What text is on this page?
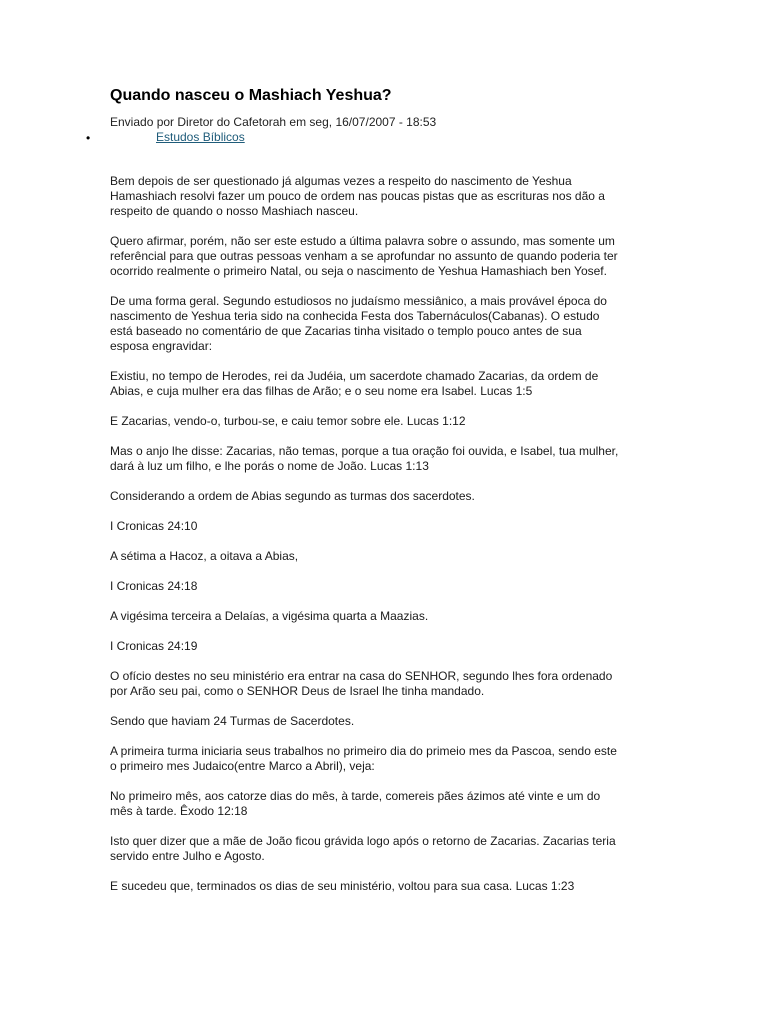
Quando nasceu o Mashiach Yeshua?
Enviado por Diretor do Cafetorah em seg, 16/07/2007 - 18:53
•	Estudos Bíblicos

Bem depois de ser questionado já algumas vezes a respeito do nascimento de Yeshua
Hamashiach resolvi fazer um pouco de ordem nas poucas pistas que as escrituras nos dão a
respeito de quando o nosso Mashiach nasceu.

Quero afirmar, porém, não ser este estudo a última palavra sobre o assundo, mas somente um
referêncial para que outras pessoas venham a se aprofundar no assunto de quando poderia ter
ocorrido realmente o primeiro Natal, ou seja o nascimento de Yeshua Hamashiach ben Yosef.

De uma forma geral. Segundo estudiosos no judaísmo messiânico, a mais provável época do
nascimento de Yeshua teria sido na conhecida Festa dos Tabernáculos(Cabanas). O estudo
está baseado no comentário de que Zacarias tinha visitado o templo pouco antes de sua
esposa engravidar:

Existiu, no tempo de Herodes, rei da Judéia, um sacerdote chamado Zacarias, da ordem de
Abias, e cuja mulher era das filhas de Arão; e o seu nome era Isabel. Lucas 1:5

E Zacarias, vendo-o, turbou-se, e caiu temor sobre ele. Lucas 1:12

Mas o anjo lhe disse: Zacarias, não temas, porque a tua oração foi ouvida, e Isabel, tua mulher,
dará à luz um filho, e lhe porás o nome de João. Lucas 1:13

Considerando a ordem de Abias segundo as turmas dos sacerdotes.

I Cronicas 24:10

A sétima a Hacoz, a oitava a Abias,

I Cronicas 24:18

A vigésima terceira a Delaías, a vigésima quarta a Maazias.

I Cronicas 24:19

O ofício destes no seu ministério era entrar na casa do SENHOR, segundo lhes fora ordenado
por Arão seu pai, como o SENHOR Deus de Israel lhe tinha mandado.

Sendo que haviam 24 Turmas de Sacerdotes.

A primeira turma iniciaria seus trabalhos no primeiro dia do primeio mes da Pascoa, sendo este
o primeiro mes Judaico(entre Marco a Abril), veja:

No primeiro mês, aos catorze dias do mês, à tarde, comereis pães ázimos até vinte e um do
mês à tarde. Êxodo 12:18

Isto quer dizer que a mãe de João ficou grávida logo após o retorno de Zacarias. Zacarias teria
servido entre Julho e Agosto.

E sucedeu que, terminados os dias de seu ministério, voltou para sua casa. Lucas 1:23
